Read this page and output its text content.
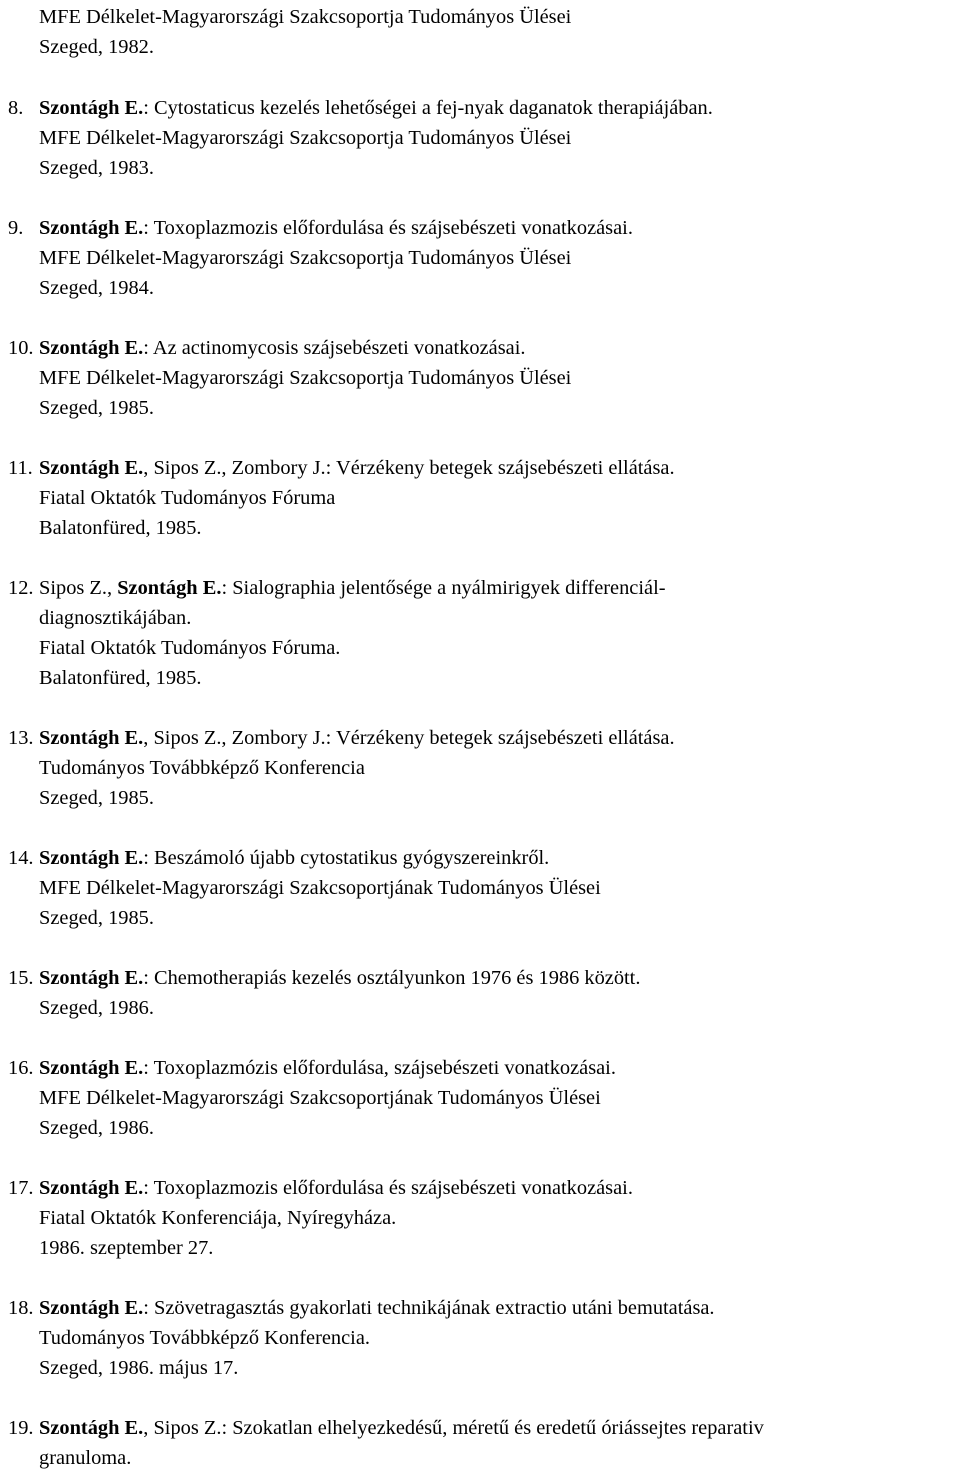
MFE Délkelet-Magyarországi Szakcsoportja Tudományos Ülései
Szeged, 1982.
8. Szontágh E.: Cytostaticus kezelés lehetőségei a fej-nyak daganatok therapiájában.
MFE Délkelet-Magyarországi Szakcsoportja Tudományos Ülései
Szeged, 1983.
9. Szontágh E.: Toxoplazmozis előfordulása és szájsebészeti vonatkozásai.
MFE Délkelet-Magyarországi Szakcsoportja Tudományos Ülései
Szeged, 1984.
10. Szontágh E.: Az actinomycosis szájsebészeti vonatkozásai.
MFE Délkelet-Magyarországi Szakcsoportja Tudományos Ülései
Szeged, 1985.
11. Szontágh E., Sipos Z., Zombory J.: Vérzékeny betegek szájsebészeti ellátása.
Fiatal Oktatók Tudományos Fóruma
Balatonfüred, 1985.
12. Sipos Z., Szontágh E.: Sialographia jelentősége a nyálmirigyek differenciál-
diagnosztikájában.
Fiatal Oktatók Tudományos Fóruma.
Balatonfüred, 1985.
13. Szontágh E., Sipos Z., Zombory J.: Vérzékeny betegek szájsebészeti ellátása.
Tudományos Továbbképző Konferencia
Szeged, 1985.
14. Szontágh E.: Beszámoló újabb cytostatikus gyógyszereinkről.
MFE Délkelet-Magyarországi Szakcsoportjának Tudományos Ülései
Szeged, 1985.
15. Szontágh E.: Chemotherapiás kezelés osztályunkon 1976 és 1986 között.
Szeged, 1986.
16. Szontágh E.: Toxoplazmózis előfordulása, szájsebészeti vonatkozásai.
MFE Délkelet-Magyarországi Szakcsoportjának Tudományos Ülései
Szeged, 1986.
17. Szontágh E.: Toxoplazmozis előfordulása és szájsebészeti vonatkozásai.
Fiatal Oktatók Konferenciája, Nyíregyháza.
1986. szeptember 27.
18. Szontágh E.: Szövetragasztás gyakorlati technikájának extractio utáni bemutatása.
Tudományos Továbbképző Konferencia.
Szeged, 1986. május 17.
19. Szontágh E., Sipos Z.: Szokatlan elhelyezkedésű, méretű és eredetű óriássejtes reparativ
granuloma.
